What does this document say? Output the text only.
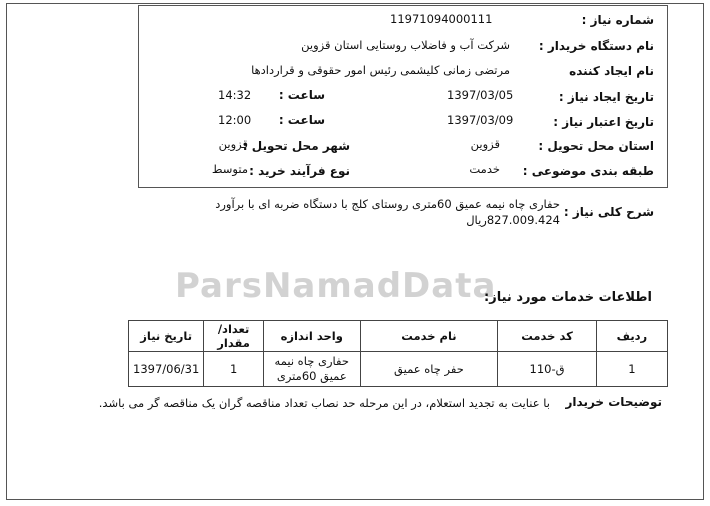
ParsNamadData
شماره نیاز :
11971094000111
نام دستگاه خریدار :
شرکت آب و فاضلاب روستایی استان قزوین
نام ایجاد کننده
مرتضی زمانی کلیشمی رئیس امور حقوقی و قراردادها
تاریخ ایجاد نیاز :
1397/03/05
ساعت :
14:32
تاریخ اعتبار نیاز :
1397/03/09
ساعت :
12:00
استان محل تحویل :
قزوین
شهر محل تحویل :
قزوین
طبقه بندی موضوعی :
خدمت
نوع فرآیند خرید :
متوسط
شرح کلی نیاز :
حفاری چاه نیمه عمیق 60متری روستای کلج با دستگاه ضربه ای با برآورد
827.009.424ریال
اطلاعات خدمات مورد نیاز:
ردیف	کد خدمت	نام خدمت	واحد اندازه	تعداد/ مقدار	تاریخ نیاز
1	ق-110	حفر چاه عمیق	حفاری چاه نیمه عمیق 60متری	1	1397/06/31
توضیحات خریدار
با عنایت به تجدید استعلام، در این مرحله حد نصاب تعداد مناقصه گران یک مناقصه گر می باشد.
